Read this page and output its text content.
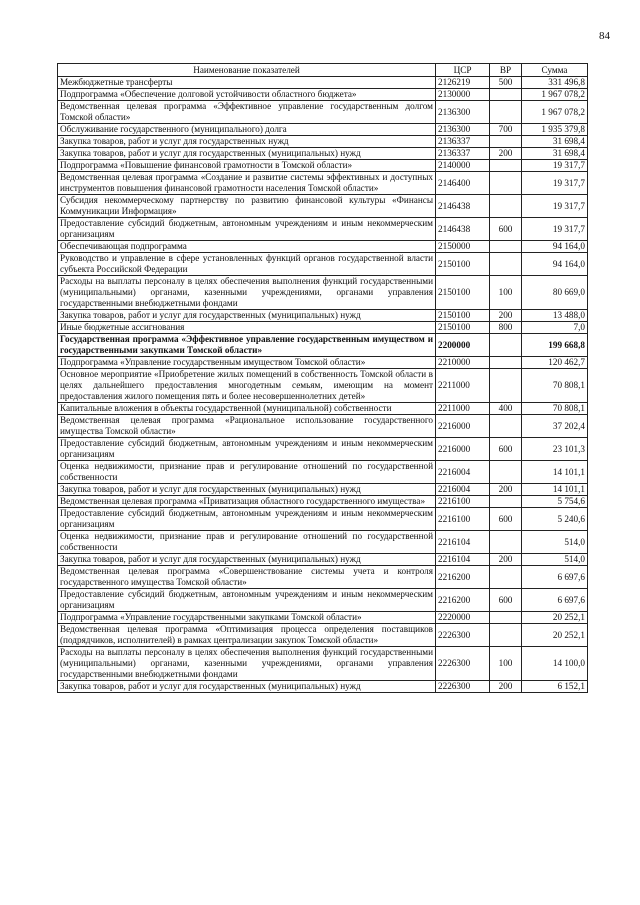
84
Наименование показателей	ЦСР	ВР	Сумма
Межбюджетные трансферты	2126219	500	331 496,8
Подпрограмма «Обеспечение долговой устойчивости областного бюджета»	2130000		1 967 078,2
Ведомственная целевая программа «Эффективное управление государственным долгом Томской области»	2136300		1 967 078,2
Обслуживание государственного (муниципального) долга	2136300	700	1 935 379,8
Закупка товаров, работ и услуг для государственных нужд	2136337		31 698,4
Закупка товаров, работ и услуг для государственных (муниципальных) нужд	2136337	200	31 698,4
Подпрограмма «Повышение финансовой грамотности в Томской области»	2140000		19 317,7
Ведомственная целевая программа «Создание и развитие системы эффективных и доступных инструментов повышения финансовой грамотности населения Томской области»	2146400		19 317,7
Субсидия некоммерческому партнерству по развитию финансовой культуры «Финансы Коммуникации Информация»	2146438		19 317,7
Предоставление субсидий бюджетным, автономным учреждениям и иным некоммерческим организациям	2146438	600	19 317,7
Обеспечивающая подпрограмма	2150000		94 164,0
Руководство и управление в сфере установленных функций органов государственной власти субъекта Российской Федерации	2150100		94 164,0
Расходы на выплаты персоналу в целях обеспечения выполнения функций государственными (муниципальными) органами, казенными учреждениями, органами управления государственными внебюджетными фондами	2150100	100	80 669,0
Закупка товаров, работ и услуг для государственных (муниципальных) нужд	2150100	200	13 488,0
Иные бюджетные ассигнования	2150100	800	7,0
Государственная программа «Эффективное управление государственным имуществом и государственными закупками Томской области»	2200000		199 668,8
Подпрограмма «Управление государственным имуществом Томской области»	2210000		120 462,7
Основное мероприятие «Приобретение жилых помещений в собственность Томской области в целях дальнейшего предоставления многодетным семьям, имеющим на момент предоставления жилого помещения пять и более несовершеннолетних детей»	2211000		70 808,1
Капитальные вложения в объекты государственной (муниципальной) собственности	2211000	400	70 808,1
Ведомственная целевая программа «Рациональное использование государственного имущества Томской области»	2216000		37 202,4
Предоставление субсидий бюджетным, автономным учреждениям и иным некоммерческим организациям	2216000	600	23 101,3
Оценка недвижимости, признание прав и регулирование отношений по государственной собственности	2216004		14 101,1
Закупка товаров, работ и услуг для государственных (муниципальных) нужд	2216004	200	14 101,1
Ведомственная целевая программа «Приватизация областного государственного имущества»	2216100		5 754,6
Предоставление субсидий бюджетным, автономным учреждениям и иным некоммерческим организациям	2216100	600	5 240,6
Оценка недвижимости, признание прав и регулирование отношений по государственной собственности	2216104		514,0
Закупка товаров, работ и услуг для государственных (муниципальных) нужд	2216104	200	514,0
Ведомственная целевая программа «Совершенствование системы учета и контроля государственного имущества Томской области»	2216200		6 697,6
Предоставление субсидий бюджетным, автономным учреждениям и иным некоммерческим организациям	2216200	600	6 697,6
Подпрограмма «Управление государственными закупками Томской области»	2220000		20 252,1
Ведомственная целевая программа «Оптимизация процесса определения поставщиков (подрядчиков, исполнителей) в рамках централизации закупок Томской области»	2226300		20 252,1
Расходы на выплаты персоналу в целях обеспечения выполнения функций государственными (муниципальными) органами, казенными учреждениями, органами управления государственными внебюджетными фондами	2226300	100	14 100,0
Закупка товаров, работ и услуг для государственных (муниципальных) нужд	2226300	200	6 152,1
